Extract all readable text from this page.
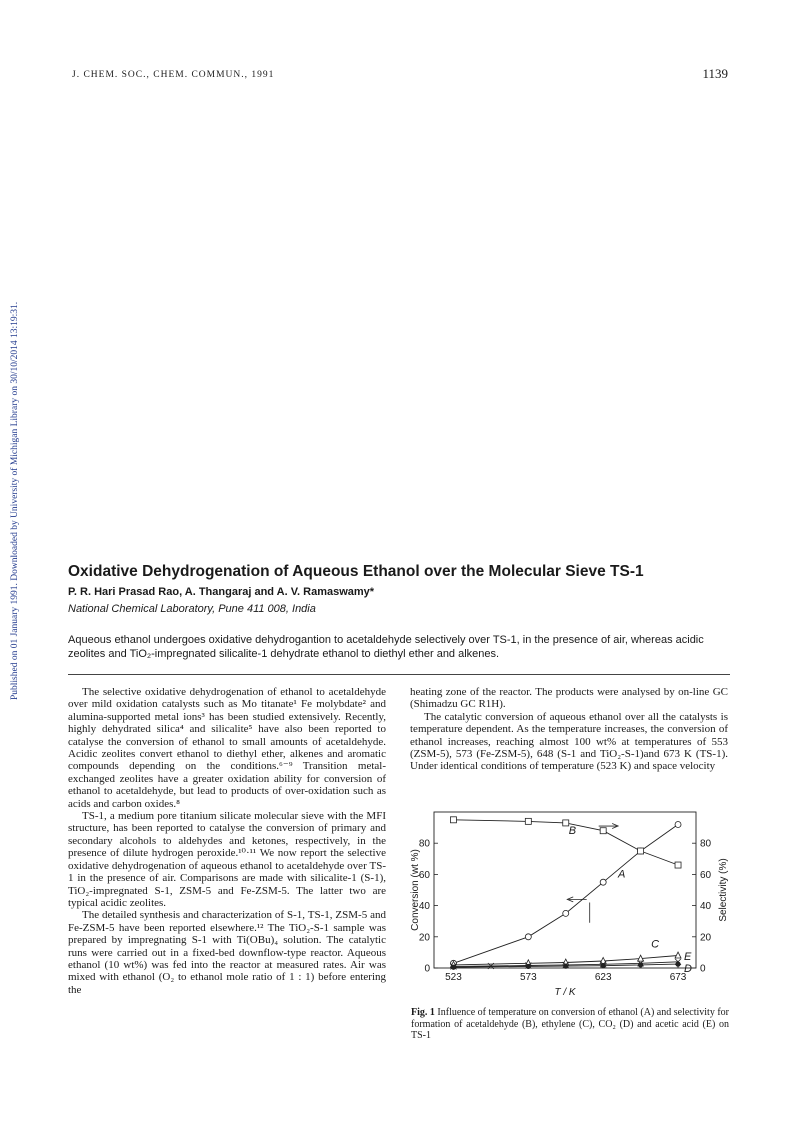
J. CHEM. SOC., CHEM. COMMUN., 1991	1139
Published on 01 January 1991. Downloaded by University of Michigan Library on 30/10/2014 13:19:31.	Oxidative Dehydrogenation of Aqueous Ethanol over the Molecular Sieve TS-1
P. R. Hari Prasad Rao, A. Thangaraj and A. V. Ramaswamy*
National Chemical Laboratory, Pune 411 008, India
Aqueous ethanol undergoes oxidative dehydrogantion to acetaldehyde selectively over TS-1, in the presence of air, whereas acidic zeolites and TiO₂-impregnated silicalite-1 dehydrate ethanol to diethyl ether and alkenes.

The selective oxidative dehydrogenation of ethanol to acetaldehyde over mild oxidation catalysts such as Mo titanate¹ Fe molybdate² and alumina-supported metal ions³ has been studied extensively. Recently, highly dehydrated silica⁴ and silicalite⁵ have also been reported to catalyse the conversion of ethanol to small amounts of acetaldehyde. Acidic zeolites convert ethanol to diethyl ether, alkenes and aromatic compounds depending on the conditions.⁶⁻⁹ Transition metal-exchanged zeolites have a greater oxidation ability for conversion of ethanol to acetaldehyde, but lead to products of over-oxidation such as acids and carbon oxides.⁸

TS-1, a medium pore titanium silicate molecular sieve with the MFI structure, has been reported to catalyse the conversion of primary and secondary alcohols to aldehydes and ketones, respectively, in the presence of dilute hydrogen peroxide.¹⁰·¹¹ We now report the selective oxidative dehydrogenation of aqueous ethanol to acetaldehyde over TS-1 in the presence of air. Comparisons are made with silicalite-1 (S-1), TiO₂-impregnated S-1, ZSM-5 and Fe-ZSM-5. The latter two are typical acidic zeolites.

The detailed synthesis and characterization of S-1, TS-1, ZSM-5 and Fe-ZSM-5 have been reported elsewhere.¹² The TiO₂-S-1 sample was prepared by impregnating S-1 with Ti(OBu)₄ solution. The catalytic runs were carried out in a fixed-bed downflow-type reactor. Aqueous ethanol (10 wt%) was fed into the reactor at measured rates. Air was mixed with ethanol (O₂ to ethanol mole ratio of 1 : 1) before entering the

heating zone of the reactor. The products were analysed by on-line GC (Shimadzu GC R1H).

The catalytic conversion of aqueous ethanol over all the catalysts is temperature dependent. As the temperature increases, the conversion of ethanol increases, reaching almost 100 wt% at temperatures of 553 (ZSM-5), 573 (Fe-ZSM-5), 648 (S-1 and TiO₂-S-1)and 673 K (TS-1). Under identical conditions of temperature (523 K) and space velocity

523	573	623	673
0
20
40
60
80
0
20
40
60
80
T / K
Conversion (wt %)	Selectivity (%)
A
B
C
D
E
Fig. 1 Influence of temperature on conversion of ethanol (A) and selectivity for formation of acetaldehyde (B), ethylene (C), CO₂ (D) and acetic acid (E) on TS-1
